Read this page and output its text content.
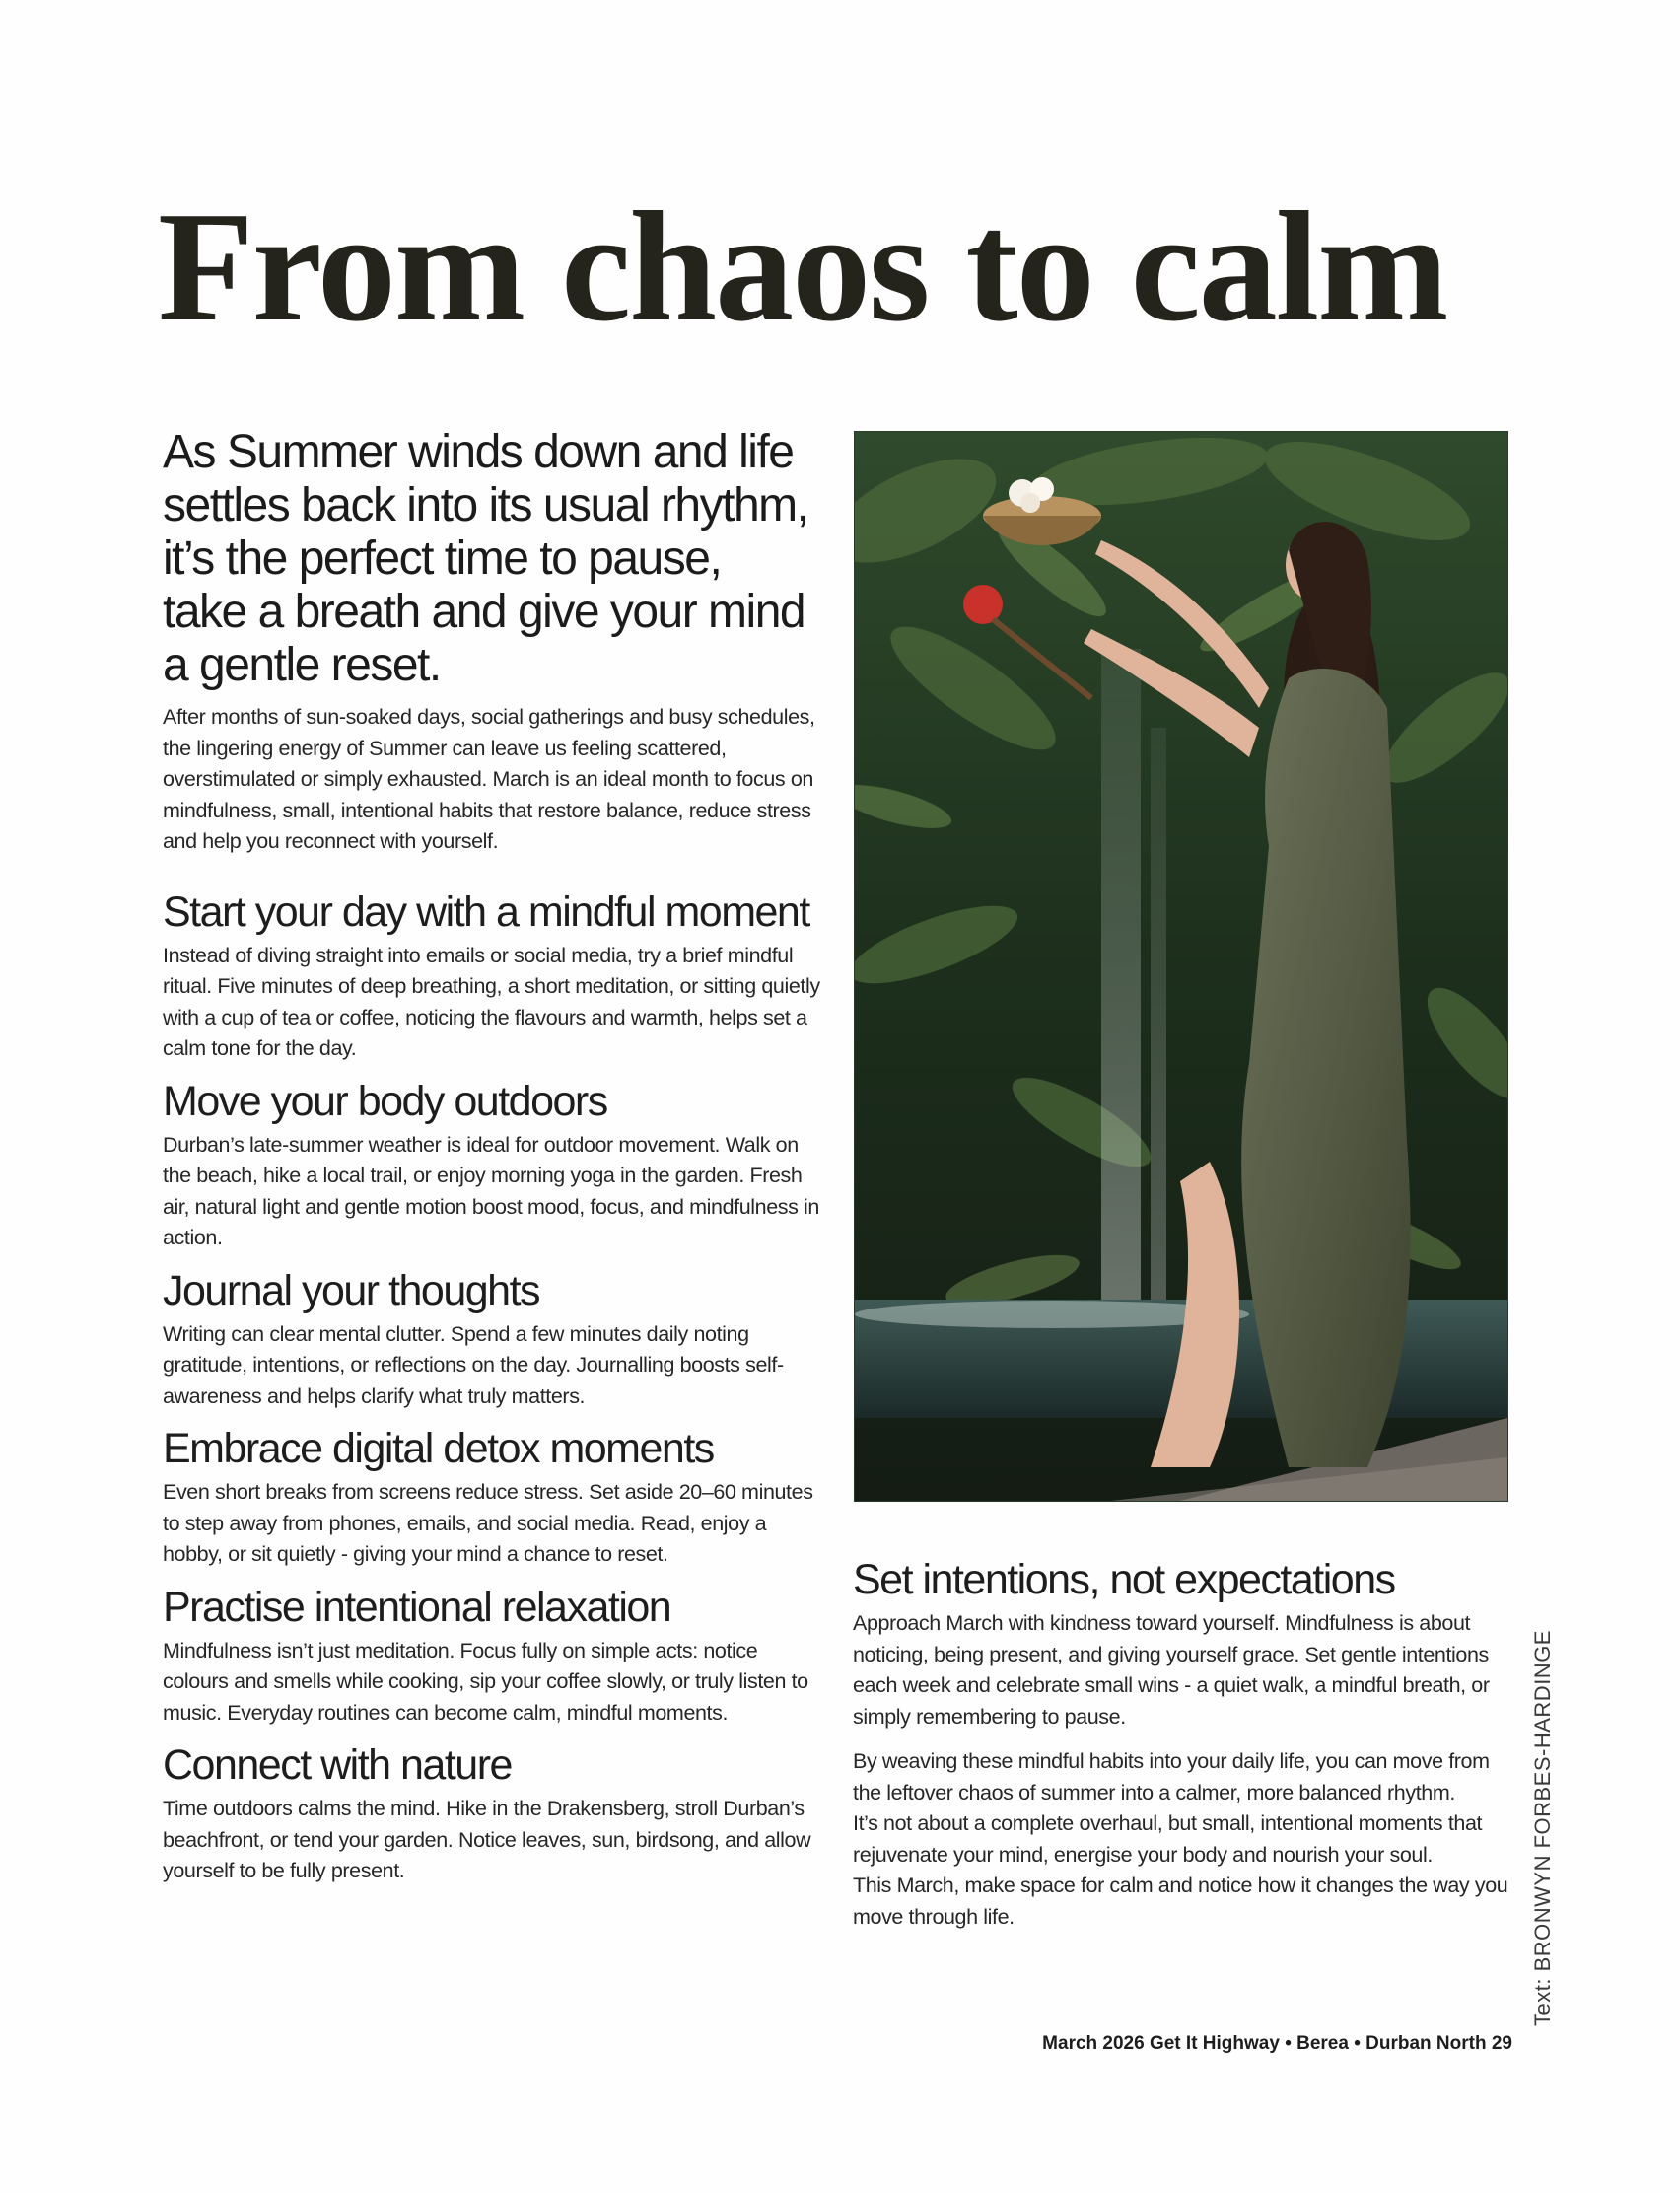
From chaos to calm

As Summer winds down and life settles back into its usual rhythm, it’s the perfect time to pause, take a breath and give your mind a gentle reset.

After months of sun-soaked days, social gatherings and busy schedules, the lingering energy of Summer can leave us feeling scattered, overstimulated or simply exhausted. March is an ideal month to focus on mindfulness, small, intentional habits that restore balance, reduce stress and help you reconnect with yourself.

Start your day with a mindful moment

Instead of diving straight into emails or social media, try a brief mindful ritual. Five minutes of deep breathing, a short meditation, or sitting quietly with a cup of tea or coffee, noticing the flavours and warmth, helps set a calm tone for the day.

Move your body outdoors

Durban’s late-summer weather is ideal for outdoor movement. Walk on the beach, hike a local trail, or enjoy morning yoga in the garden. Fresh air, natural light and gentle motion boost mood, focus, and mindfulness in action.

Journal your thoughts

Writing can clear mental clutter. Spend a few minutes daily noting gratitude, intentions, or reflections on the day. Journalling boosts self-awareness and helps clarify what truly matters.

Embrace digital detox moments

Even short breaks from screens reduce stress. Set aside 20–60 minutes to step away from phones, emails, and social media. Read, enjoy a hobby, or sit quietly - giving your mind a chance to reset.

Practise intentional relaxation

Mindfulness isn’t just meditation. Focus fully on simple acts: notice colours and smells while cooking, sip your coffee slowly, or truly listen to music. Everyday routines can become calm, mindful moments.

Connect with nature

Time outdoors calms the mind. Hike in the Drakensberg, stroll Durban’s beachfront, or tend your garden. Notice leaves, sun, birdsong, and allow yourself to be fully present.

Set intentions, not expectations

Approach March with kindness toward yourself. Mindfulness is about noticing, being present, and giving yourself grace. Set gentle intentions each week and celebrate small wins - a quiet walk, a mindful breath, or simply remembering to pause.

By weaving these mindful habits into your daily life, you can move from the leftover chaos of summer into a calmer, more balanced rhythm.

It’s not about a complete overhaul, but small, intentional moments that rejuvenate your mind, energise your body and nourish your soul.

This March, make space for calm and notice how it changes the way you move through life.	Text: BRONWYN FORBES-HARDINGE

March 2026 Get It Highway • Berea • Durban North 29
